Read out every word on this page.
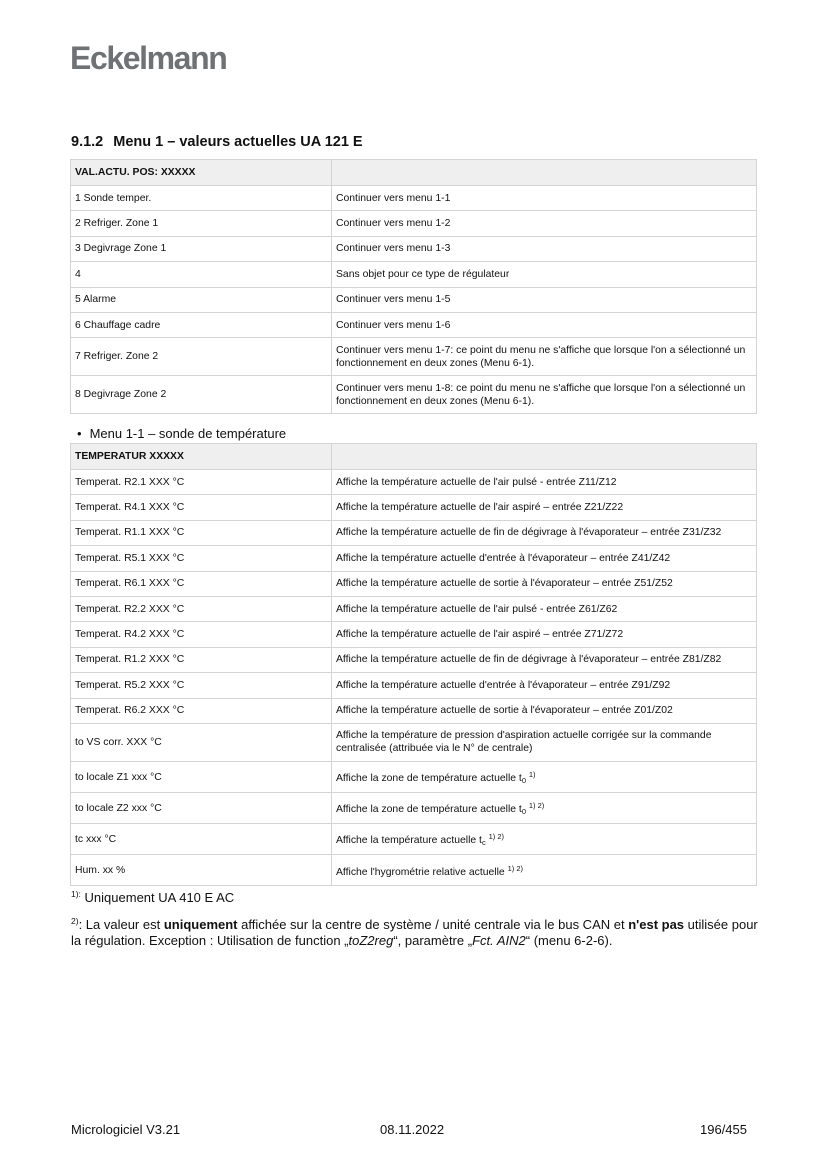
Eckelmann
9.1.2 Menu 1 – valeurs actuelles UA 121 E
VAL.ACTU. POS: XXXXX	
1 Sonde temper.	Continuer vers menu 1-1
2 Refriger. Zone 1	Continuer vers menu 1-2
3 Degivrage Zone 1	Continuer vers menu 1-3
4	Sans objet pour ce type de régulateur
5 Alarme	Continuer vers menu 1-5
6 Chauffage cadre	Continuer vers menu 1-6
7 Refriger. Zone 2	Continuer vers menu 1-7: ce point du menu ne s'affiche que lorsque l'on a sélectionné un fonctionnement en deux zones (Menu 6-1).
8 Degivrage Zone 2	Continuer vers menu 1-8: ce point du menu ne s'affiche que lorsque l'on a sélectionné un fonctionnement en deux zones (Menu 6-1).
• Menu 1-1 – sonde de température
TEMPERATUR XXXXX	
Temperat. R2.1 XXX °C	Affiche la température actuelle de l'air pulsé - entrée Z11/Z12
Temperat. R4.1 XXX °C	Affiche la température actuelle de l'air aspiré – entrée Z21/Z22
Temperat. R1.1 XXX °C	Affiche la température actuelle de fin de dégivrage à l'évaporateur – entrée Z31/Z32
Temperat. R5.1 XXX °C	Affiche la température actuelle d'entrée à l'évaporateur – entrée Z41/Z42
Temperat. R6.1 XXX °C	Affiche la température actuelle de sortie à l'évaporateur – entrée Z51/Z52
Temperat. R2.2 XXX °C	Affiche la température actuelle de l'air pulsé - entrée Z61/Z62
Temperat. R4.2 XXX °C	Affiche la température actuelle de l'air aspiré – entrée Z71/Z72
Temperat. R1.2 XXX °C	Affiche la température actuelle de fin de dégivrage à l'évaporateur – entrée Z81/Z82
Temperat. R5.2 XXX °C	Affiche la température actuelle d'entrée à l'évaporateur – entrée Z91/Z92
Temperat. R6.2 XXX °C	Affiche la température actuelle de sortie à l'évaporateur – entrée Z01/Z02
to VS corr. XXX °C	Affiche la température de pression d'aspiration actuelle corrigée sur la commande centralisée (attribuée via le N° de centrale)
to locale Z1 xxx °C	Affiche la zone de température actuelle $t_0$ $^{1)}$
to locale Z2 xxx °C	Affiche la zone de température actuelle $t_0$ $^{1) 2)}$
tc xxx °C	Affiche la température actuelle $t_c$ $^{1) 2)}$
Hum. xx %	Affiche l'hygrométrie relative actuelle $^{1) 2)}$
$^{1):}$ Uniquement UA 410 E AC
$^{2)}$: La valeur est uniquement affichée sur la centre de système / unité centrale via le bus CAN et n'est pas utilisée pour la régulation. Exception : Utilisation de function „toZ2reg“, paramètre „Fct. AIN2“ (menu 6-2-6).
Micrologiciel V3.21	08.11.2022	196/455
